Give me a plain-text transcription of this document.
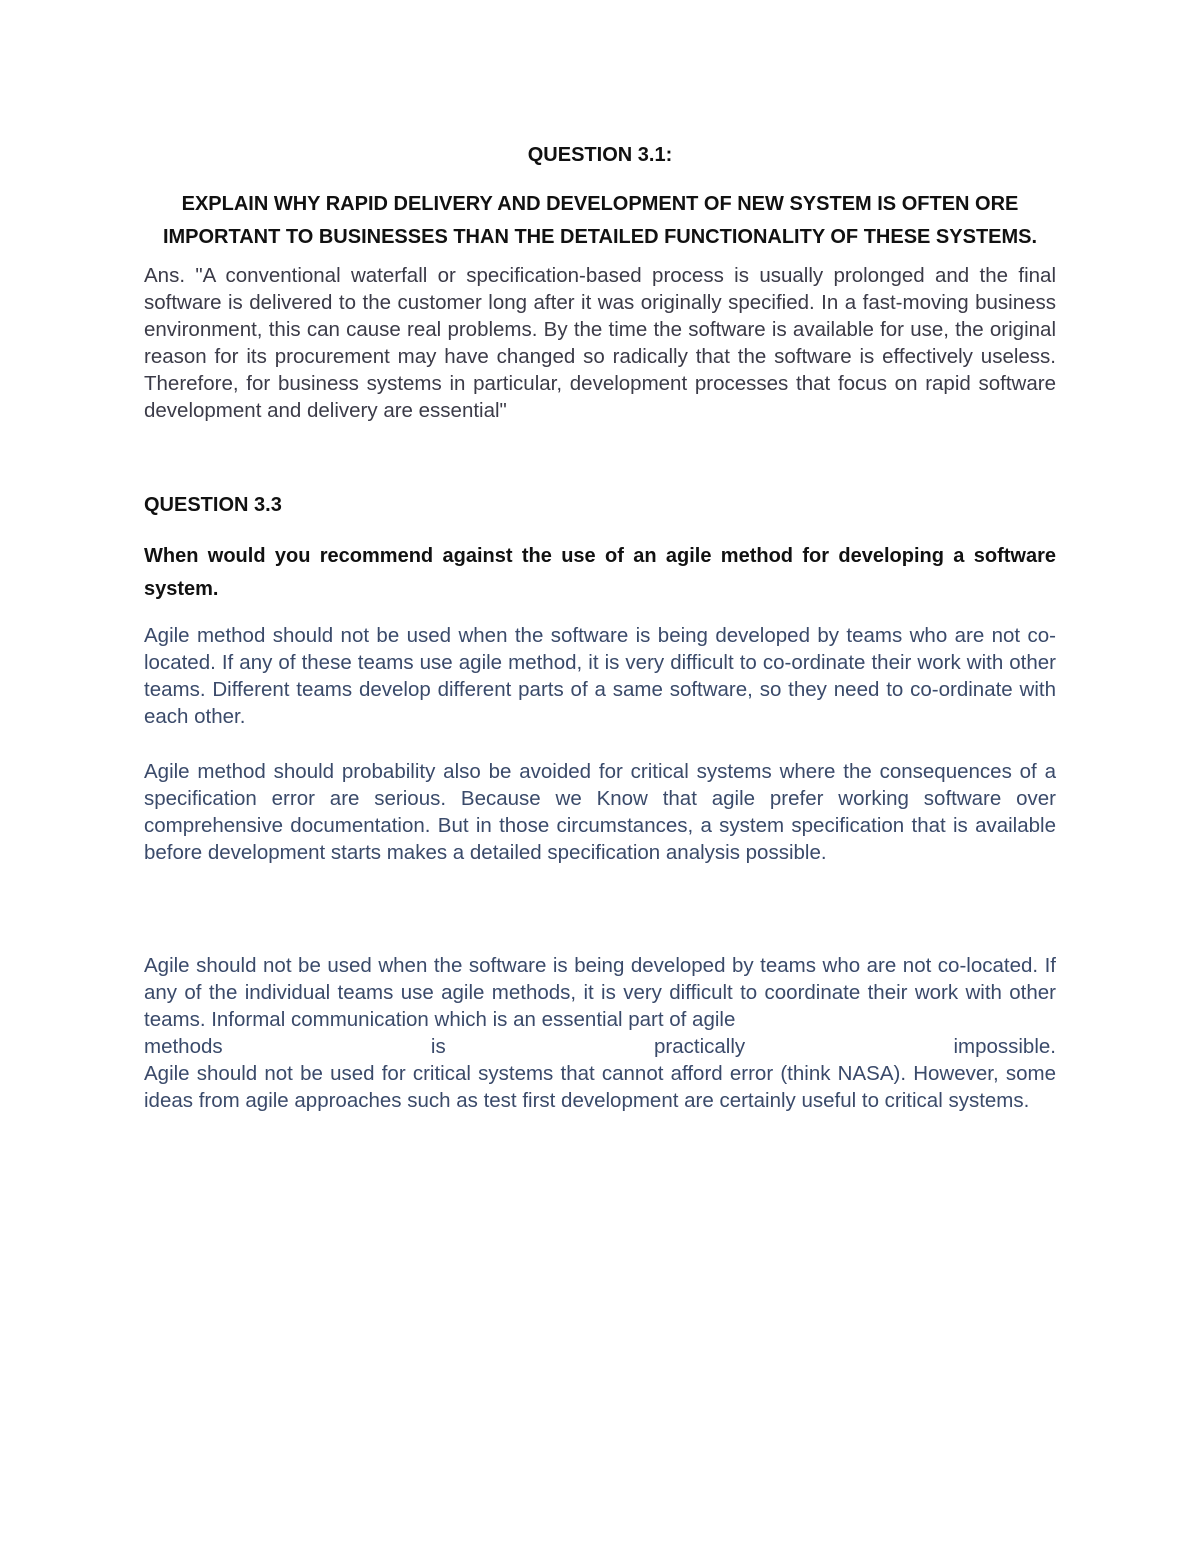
QUESTION 3.1:
EXPLAIN WHY RAPID DELIVERY AND DEVELOPMENT OF NEW SYSTEM IS OFTEN ORE
IMPORTANT TO BUSINESSES THAN THE DETAILED FUNCTIONALITY OF THESE SYSTEMS.

Ans. "A conventional waterfall or specification-based process is usually prolonged and the final software is delivered to the customer long after it was originally specified. In a fast-moving business environment, this can cause real problems. By the time the software is available for use, the original reason for its procurement may have changed so radically that the software is effectively useless. Therefore, for business systems in particular, development processes that focus on rapid software development and delivery are essential"

QUESTION 3.3
When would you recommend against the use of an agile method for developing a software system.

Agile method should not be used when the software is being developed by teams who are not co-located. If any of these teams use agile method, it is very difficult to co-ordinate their work with other teams. Different teams develop different parts of a same software, so they need to co-ordinate with each other.

Agile method should probability also be avoided for critical systems where the consequences of a specification error are serious. Because we Know that agile prefer working software over comprehensive documentation. But in those circumstances, a system specification that is available before development starts makes a detailed specification analysis possible.

Agile should not be used when the software is being developed by teams who are not co-located. If any of the individual teams use agile methods, it is very difficult to coordinate their work with other teams. Informal communication which is an essential part of agile

methods	is	practically	impossible.

Agile should not be used for critical systems that cannot afford error (think NASA). However, some ideas from agile approaches such as test first development are certainly useful to critical systems.
